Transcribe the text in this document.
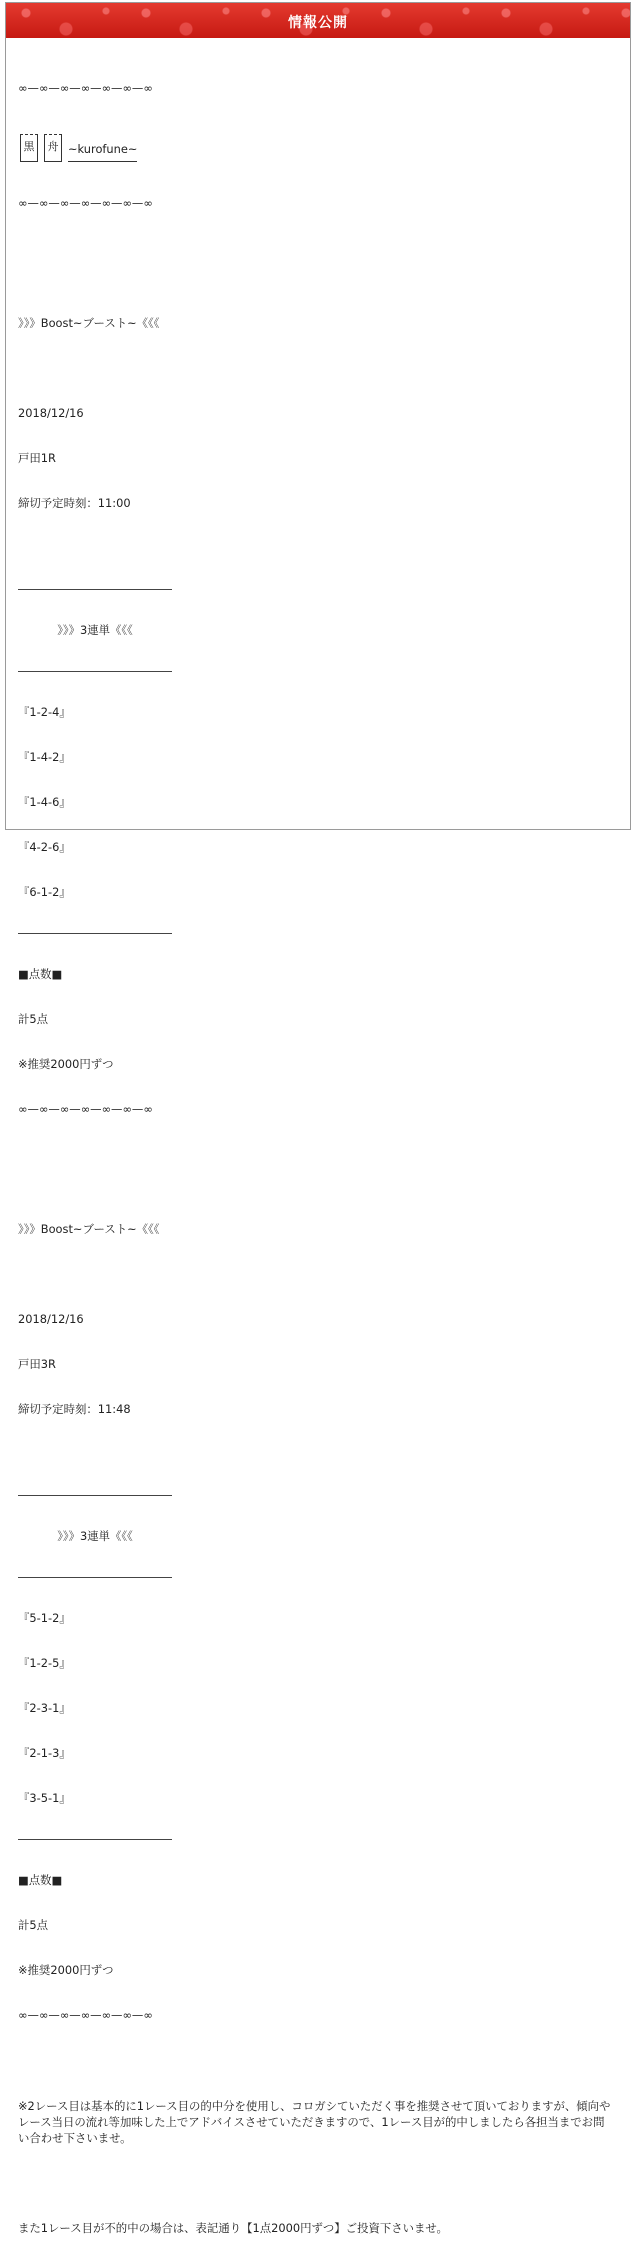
情報公開

∞—∞—∞—∞—∞—∞—∞

黒	舟 ~kurofune~

∞—∞—∞—∞—∞—∞—∞

》》》Boost~ブースト~《《《

2018/12/16

戸田1R

締切予定時刻：11:00

》》》3連単《《《

『1-2-4』

『1-4-2』

『1-4-6』

『4-2-6』

『6-1-2』

■点数■

計5点

※推奨2000円ずつ

∞—∞—∞—∞—∞—∞—∞

》》》Boost~ブースト~《《《

2018/12/16

戸田3R

締切予定時刻：11:48

》》》3連単《《《

『5-1-2』

『1-2-5』

『2-3-1』

『2-1-3』

『3-5-1』

■点数■

計5点

※推奨2000円ずつ

∞—∞—∞—∞—∞—∞—∞

※2レース目は基本的に1レース目の的中分を使用し、コロガシていただく事を推奨させて頂いておりますが、傾向やレース当日の流れ等加味した上でアドバイスさせていただきますので、1レース目が的中しましたら各担当までお問い合わせ下さいませ。

また1レース目が不的中の場合は、表記通り【1点2000円ずつ】ご投資下さいませ。
